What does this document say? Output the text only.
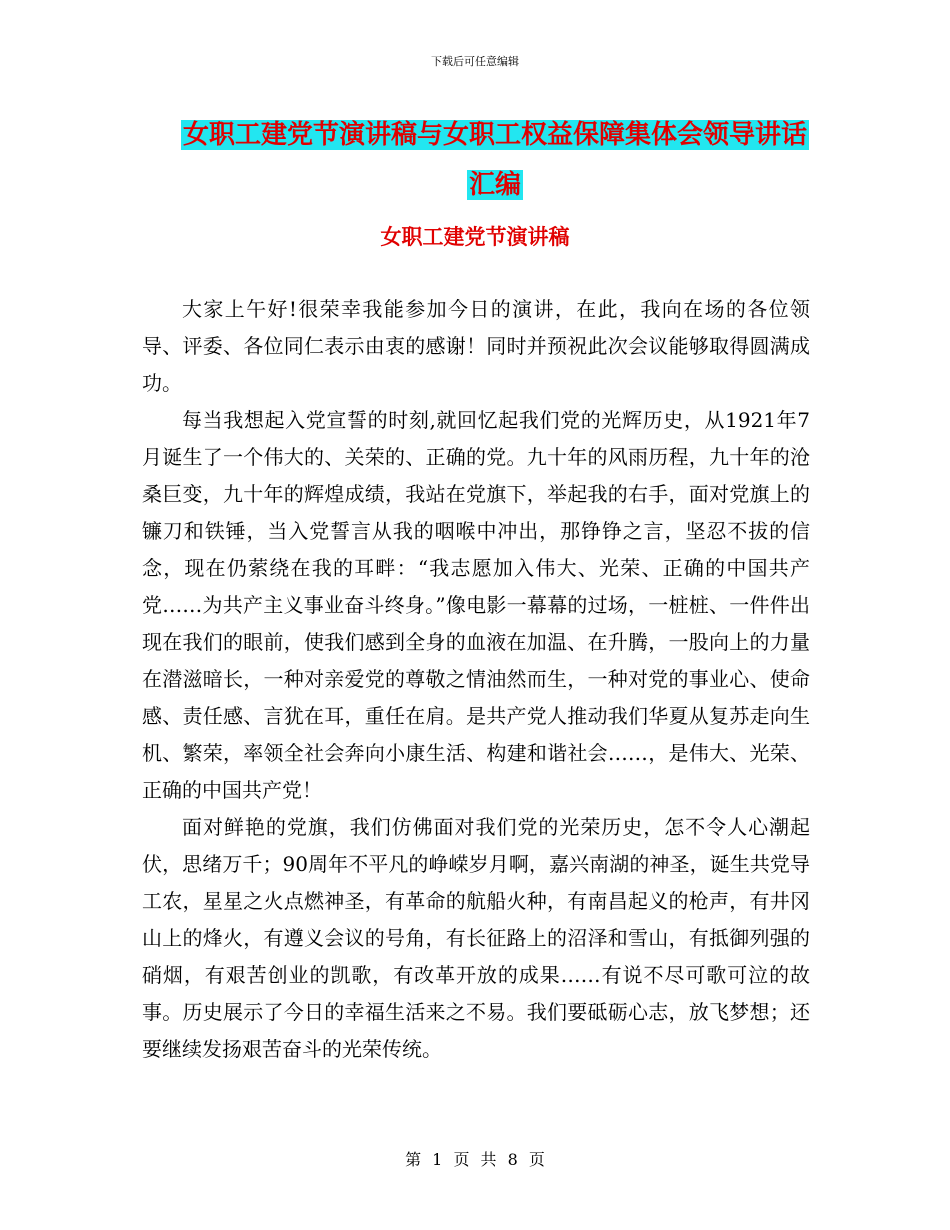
下载后可任意编辑
女职工建党节演讲稿与女职工权益保障集体会领导讲话汇编
女职工建党节演讲稿

大家上午好!很荣幸我能参加今日的演讲，在此，我向在场的各位领导、评委、各位同仁表示由衷的感谢！同时并预祝此次会议能够取得圆满成功。

每当我想起入党宣誓的时刻,就回忆起我们党的光辉历史，从1921年7月诞生了一个伟大的、关荣的、正确的党。九十年的风雨历程，九十年的沧桑巨变，九十年的辉煌成绩，我站在党旗下，举起我的右手，面对党旗上的镰刀和铁锤，当入党誓言从我的咽喉中冲出，那铮铮之言，坚忍不拔的信念，现在仍萦绕在我的耳畔：“我志愿加入伟大、光荣、正确的中国共产党……为共产主义事业奋斗终身。”像电影一幕幕的过场，一桩桩、一件件出现在我们的眼前，使我们感到全身的血液在加温、在升腾，一股向上的力量在潜滋暗长，一种对亲爱党的尊敬之情油然而生，一种对党的事业心、使命感、责任感、言犹在耳，重任在肩。是共产党人推动我们华夏从复苏走向生机、繁荣，率领全社会奔向小康生活、构建和谐社会……，是伟大、光荣、正确的中国共产党！

面对鲜艳的党旗，我们仿佛面对我们党的光荣历史，怎不令人心潮起伏，思绪万千；90周年不平凡的峥嵘岁月啊，嘉兴南湖的神圣，诞生共党导工农，星星之火点燃神圣，有革命的航船火种，有南昌起义的枪声，有井冈山上的烽火，有遵义会议的号角，有长征路上的沼泽和雪山，有抵御列强的硝烟，有艰苦创业的凯歌，有改革开放的成果……有说不尽可歌可泣的故事。历史展示了今日的幸福生活来之不易。我们要砥砺心志，放飞梦想；还要继续发扬艰苦奋斗的光荣传统。

第 1 页 共 8 页
